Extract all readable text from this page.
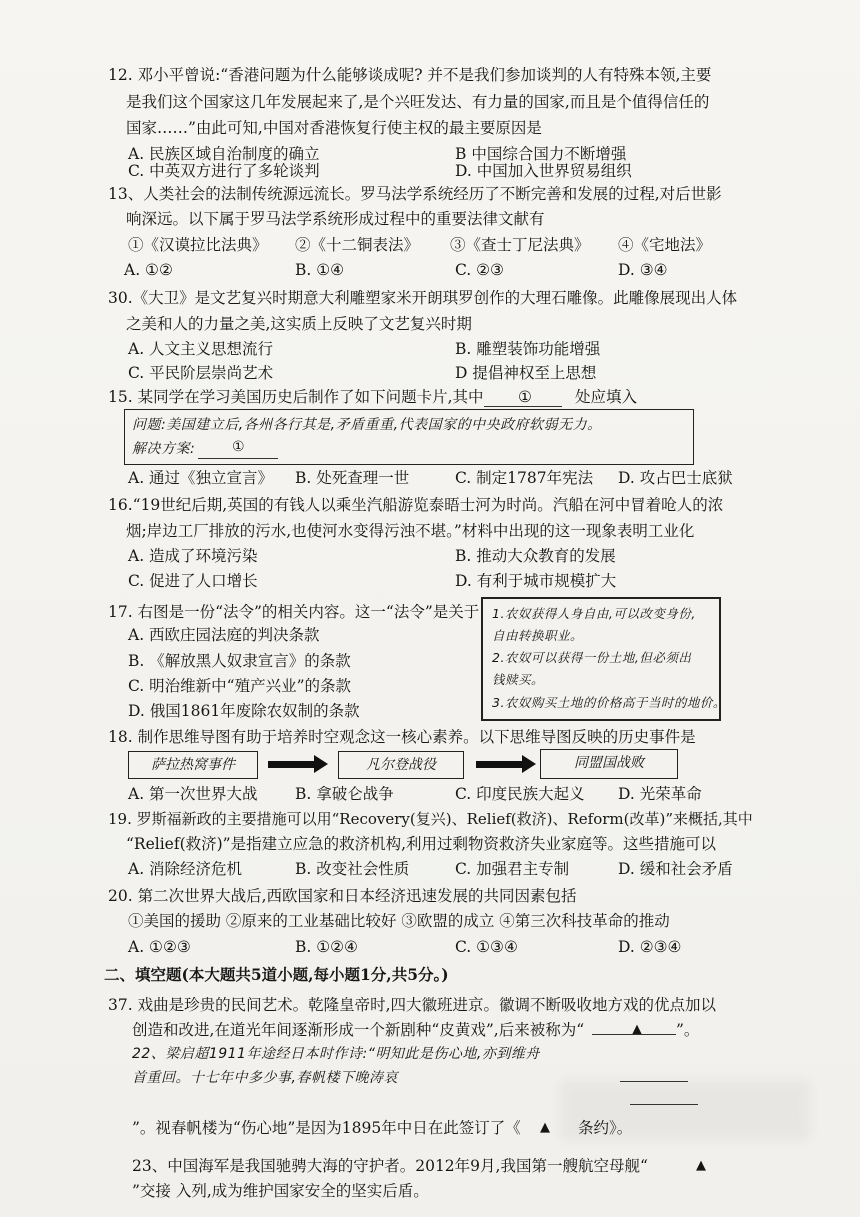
12. 邓小平曾说:“香港问题为什么能够谈成呢? 并不是我们参加谈判的人有特殊本领,主要
是我们这个国家这几年发展起来了,是个兴旺发达、有力量的国家,而且是个值得信任的
国家……”由此可知,中国对香港恢复行使主权的最主要原因是
A. 民族区域自治制度的确立	B 中国综合国力不断增强
C. 中英双方进行了多轮谈判	D. 中国加入世界贸易组织
13、人类社会的法制传统源远流长。罗马法学系统经历了不断完善和发展的过程,对后世影
响深远。以下属于罗马法学系统形成过程中的重要法律文献有
①《汉谟拉比法典》 ②《十二铜表法》 ③《查士丁尼法典》 ④《宅地法》
A. ①②	B. ①④	C. ②③	D. ③④
30.《大卫》是文艺复兴时期意大利雕塑家米开朗琪罗创作的大理石雕像。此雕像展现出人体
之美和人的力量之美,这实质上反映了文艺复兴时期
A. 人文主义思想流行	B. 雕塑装饰功能增强
C. 平民阶层崇尚艺术	D 提倡神权至上思想
15. 某同学在学习美国历史后制作了如下问题卡片,其中 ①	处应填入
问题:美国建立后,各州各行其是,矛盾重重,代表国家的中央政府软弱无力。
解决方案:	①
A. 通过《独立宣言》 B. 处死查理一世	C. 制定1787年宪法 D. 攻占巴士底狱
16.“19世纪后期,英国的有钱人以乘坐汽船游览泰晤士河为时尚。汽船在河中冒着呛人的浓
烟;岸边工厂排放的污水,也使河水变得污浊不堪。”材料中出现的这一现象表明工业化
A. 造成了环境污染	B. 推动大众教育的发展
C. 促进了人口增长	D. 有利于城市规模扩大
17. 右图是一份“法令”的相关内容。这一“法令”是关于
A. 西欧庄园法庭的判决条款
B. 《解放黑人奴隶宣言》的条款
C. 明治维新中“殖产兴业”的条款
D. 俄国1861年废除农奴制的条款
1.农奴获得人身自由,可以改变身份,
自由转换职业。
2.农奴可以获得一份土地,但必须出
钱赎买。
3.农奴购买土地的价格高于当时的地价。
18. 制作思维导图有助于培养时空观念这一核心素养。以下思维导图反映的历史事件是
萨拉热窝事件	凡尔登战役	同盟国战败
A. 第一次世界大战 B. 拿破仑战争	C. 印度民族大起义 D. 光荣革命
19. 罗斯福新政的主要措施可以用“Recovery(复兴)、Relief(救济)、Reform(改革)”来概括,其中
“Relief(救济)”是指建立应急的救济机构,利用过剩物资救济失业家庭等。这些措施可以
A. 消除经济危机	B. 改变社会性质	C. 加强君主专制	D. 缓和社会矛盾
20. 第二次世界大战后,西欧国家和日本经济迅速发展的共同因素包括
①美国的援助 ②原来的工业基础比较好 ③欧盟的成立 ④第三次科技革命的推动
A. ①②③	B. ①②④	C. ①③④	D. ②③④
二、填空题(本大题共5道小题,每小题1分,共5分。)
37. 戏曲是珍贵的民间艺术。乾隆皇帝时,四大徽班进京。徽调不断吸收地方戏的优点加以
创造和改进,在道光年间逐渐形成一个新剧种“皮黄戏”,后来被称为“	▲ ”。
22、梁启超1911年途经日本时作诗:“明知此是伤心地,亦到维舟
首重回。十七年中多少事,春帆楼下晚涛哀
”。视春帆楼为“伤心地”是因为1895年中日在此签订了《 ▲ 条约》。
23、中国海军是我国驰骋大海的守护者。2012年9月,我国第一艘航空母舰“	▲
”交接 入列,成为维护国家安全的坚实后盾。
